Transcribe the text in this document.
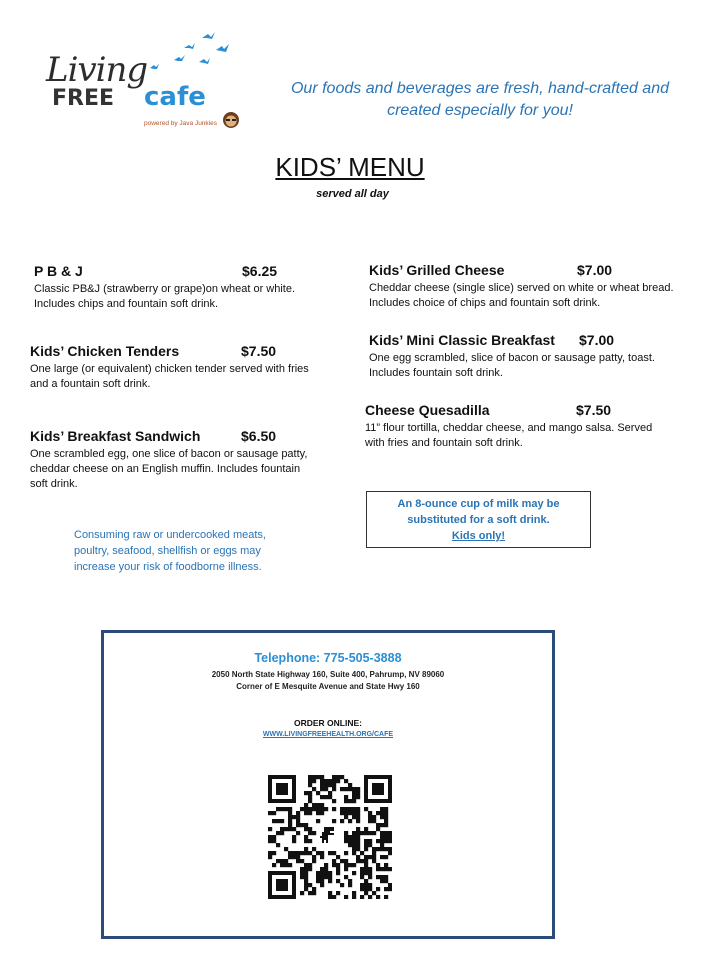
Living
FREE cafe
powered by Java Junkies
Our foods and beverages are fresh, hand-crafted and created especially for you!
KIDS’ MENU
served all day
P B & J	$6.25
Classic PB&J (strawberry or grape)on wheat or white. Includes chips and fountain soft drink.
Kids’ Chicken Tenders	$7.50
One large (or equivalent) chicken tender served with fries and a fountain soft drink.
Kids’ Breakfast Sandwich	$6.50
One scrambled egg, one slice of bacon or sausage patty, cheddar cheese on an English muffin. Includes fountain soft drink.
Kids’ Grilled Cheese	$7.00
Cheddar cheese (single slice) served on white or wheat bread. Includes choice of chips and fountain soft drink.
Kids’ Mini Classic Breakfast	$7.00
One egg scrambled, slice of bacon or sausage patty, toast. Includes fountain soft drink.
Cheese Quesadilla	$7.50
11” flour tortilla, cheddar cheese, and mango salsa. Served with fries and fountain soft drink.
Consuming raw or undercooked meats, poultry, seafood, shellfish or eggs may increase your risk of foodborne illness.
An 8-ounce cup of milk may be substituted for a soft drink.
Kids only!
Telephone: 775-505-3888
2050 North State Highway 160, Suite 400, Pahrump, NV 89060
Corner of E Mesquite Avenue and State Hwy 160
ORDER ONLINE:
WWW.LIVINGFREEHEALTH.ORG/CAFE
